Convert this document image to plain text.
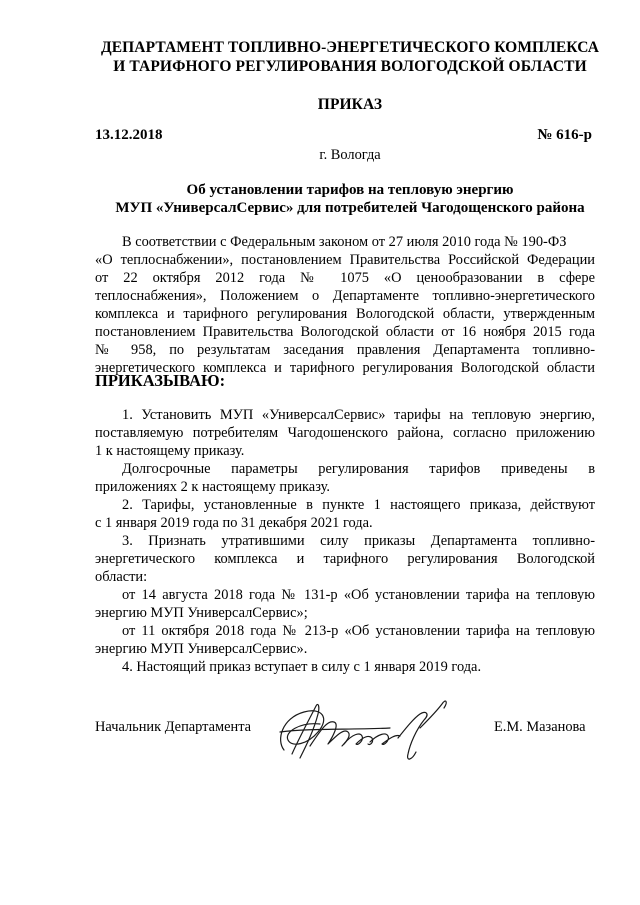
ДЕПАРТАМЕНТ ТОПЛИВНО-ЭНЕРГЕТИЧЕСКОГО КОМПЛЕКСА
И ТАРИФНОГО РЕГУЛИРОВАНИЯ ВОЛОГОДСКОЙ ОБЛАСТИ
ПРИКАЗ
13.12.2018	№ 616-р
г. Вологда
Об установлении тарифов на тепловую энергию
МУП «УниверсалСервис» для потребителей Чагодощенского района
В соответствии с Федеральным законом от 27 июля 2010 года № 190-ФЗ
«О теплоснабжении», постановлением Правительства Российской Федерации
от 22 октября 2012 года № 1075 «О ценообразовании в сфере
теплоснабжения», Положением о Департаменте топливно-энергетического
комплекса и тарифного регулирования Вологодской области, утвержденным
постановлением Правительства Вологодской области от 16 ноября 2015 года
№ 958, по результатам заседания правления Департамента топливно-
энергетического комплекса и тарифного регулирования Вологодской области
ПРИКАЗЫВАЮ:
1. Установить МУП «УниверсалСервис» тарифы на тепловую энергию,
поставляемую потребителям Чагодошенского района, согласно приложению
1 к настоящему приказу.
Долгосрочные параметры регулирования тарифов приведены в
приложениях 2 к настоящему приказу.
2. Тарифы, установленные в пункте 1 настоящего приказа, действуют
с 1 января 2019 года по 31 декабря 2021 года.
3. Признать утратившими силу приказы Департамента топливно-
энергетического комплекса и тарифного регулирования Вологодской
области:
от 14 августа 2018 года № 131-р «Об установлении тарифа на тепловую
энергию МУП УниверсалСервис»;
от 11 октября 2018 года № 213-р «Об установлении тарифа на тепловую
энергию МУП УниверсалСервис».
4. Настоящий приказ вступает в силу с 1 января 2019 года.
Начальник Департамента	Е.М. Мазанова
